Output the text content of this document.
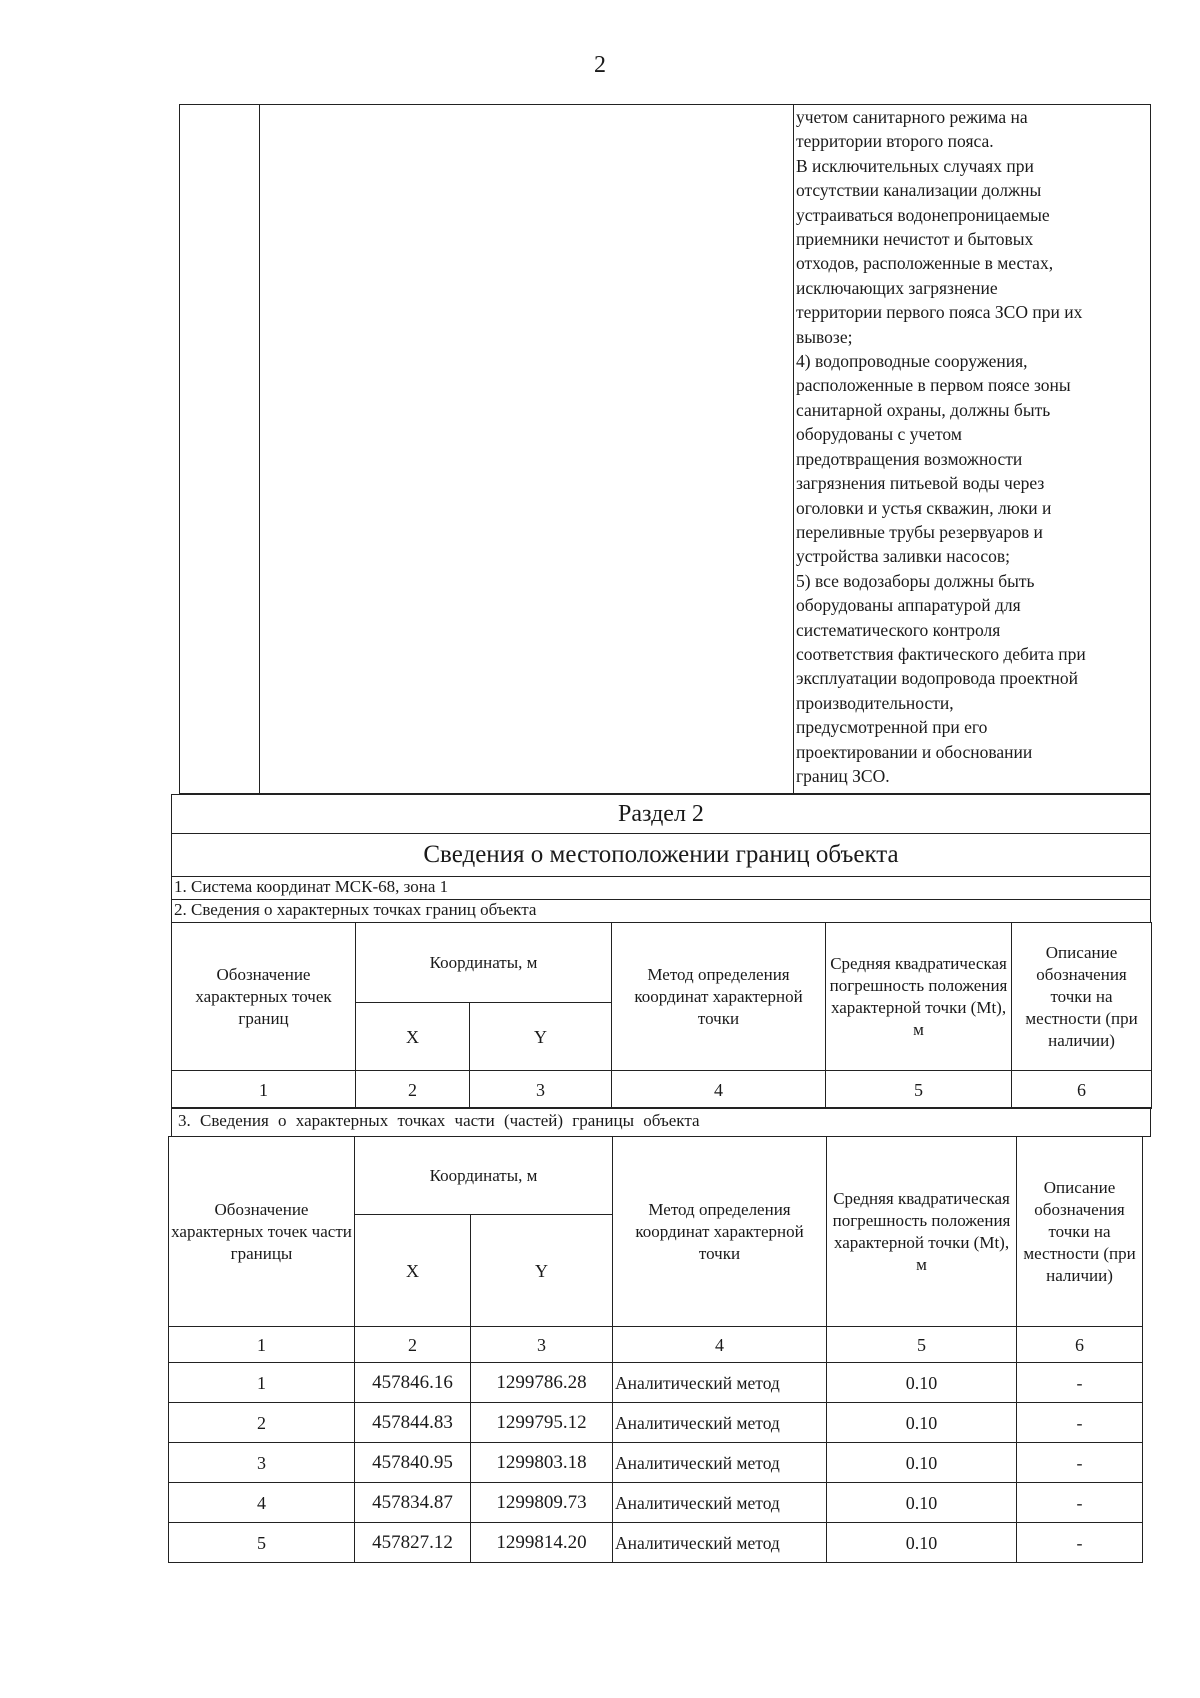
2
учетом санитарного режима на
территории второго пояса.
В исключительных случаях при
отсутствии канализации должны
устраиваться водонепроницаемые
приемники нечистот и бытовых
отходов, расположенные в местах,
исключающих загрязнение
территории первого пояса ЗСО при их
вывозе;
4) водопроводные сооружения,
расположенные в первом поясе зоны
санитарной охраны, должны быть
оборудованы с учетом
предотвращения возможности
загрязнения питьевой воды через
оголовки и устья скважин, люки и
переливные трубы резервуаров и
устройства заливки насосов;
5) все водозаборы должны быть
оборудованы аппаратурой для
систематического контроля
соответствия фактического дебита при
эксплуатации водопровода проектной
производительности,
предусмотренной при его
проектировании и обосновании
границ ЗСО.
Раздел 2
Сведения о местоположении границ объекта
1. Система координат МСК-68, зона 1
2. Сведения о характерных точках границ объекта
Обозначение характерных точек границ	Координаты, м		Метод определения координат характерной точки	Средняя квадратическая погрешность положения характерной точки (Mt), м	Описание обозначения точки на местности (при наличии)
	X	Y			
1	2	3	4	5	6
3. Сведения о характерных точках части (частей) границы объекта
Обозначение характерных точек части границы	Координаты, м		Метод определения координат характерной точки	Средняя квадратическая погрешность положения характерной точки (Mt), м	Описание обозначения точки на местности (при наличии)
	X	Y			
1	2	3	4	5	6
1	457846.16	1299786.28	Аналитический метод	0.10	-
2	457844.83	1299795.12	Аналитический метод	0.10	-
3	457840.95	1299803.18	Аналитический метод	0.10	-
4	457834.87	1299809.73	Аналитический метод	0.10	-
5	457827.12	1299814.20	Аналитический метод	0.10	-
